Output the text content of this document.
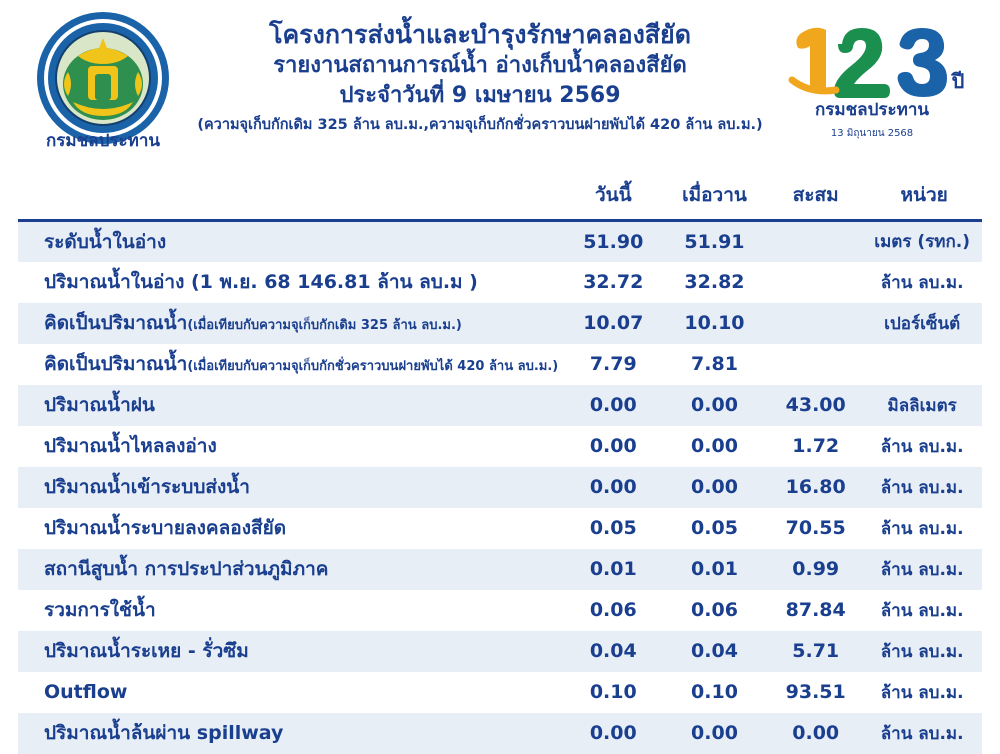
กรมชลประทาน
โครงการส่งน้ำและบำรุงรักษาคลองสียัด
รายงานสถานการณ์น้ำ อ่างเก็บน้ำคลองสียัด
ประจำวันที่ 9 เมษายน 2569
(ความจุเก็บกักเดิม 325 ล้าน ลบ.ม.,ความจุเก็บกักชั่วคราวบนฝายพับได้ 420 ล้าน ลบ.ม.)
ปี
กรมชลประทาน
13 มิถุนายน 2568
	วันนี้	เมื่อวาน	สะสม	หน่วย
ระดับน้ำในอ่าง	51.90	51.91		เมตร (รทก.)
ปริมาณน้ำในอ่าง (1 พ.ย. 68 146.81 ล้าน ลบ.ม )	32.72	32.82		ล้าน ลบ.ม.
คิดเป็นปริมาณน้ำ(เมื่อเทียบกับความจุเก็บกักเดิม 325 ล้าน ลบ.ม.)	10.07	10.10		เปอร์เซ็นต์
คิดเป็นปริมาณน้ำ(เมื่อเทียบกับความจุเก็บกักชั่วคราวบนฝายพับได้ 420 ล้าน ลบ.ม.)	7.79	7.81		
ปริมาณน้ำฝน	0.00	0.00	43.00	มิลลิเมตร
ปริมาณน้ำไหลลงอ่าง	0.00	0.00	1.72	ล้าน ลบ.ม.
ปริมาณน้ำเข้าระบบส่งน้ำ	0.00	0.00	16.80	ล้าน ลบ.ม.
ปริมาณน้ำระบายลงคลองสียัด	0.05	0.05	70.55	ล้าน ลบ.ม.
สถานีสูบน้ำ การประปาส่วนภูมิภาค	0.01	0.01	0.99	ล้าน ลบ.ม.
รวมการใช้น้ำ	0.06	0.06	87.84	ล้าน ลบ.ม.
ปริมาณน้ำระเหย - รั่วซึม	0.04	0.04	5.71	ล้าน ลบ.ม.
Outflow	0.10	0.10	93.51	ล้าน ลบ.ม.
ปริมาณน้ำล้นผ่าน spillway	0.00	0.00	0.00	ล้าน ลบ.ม.
